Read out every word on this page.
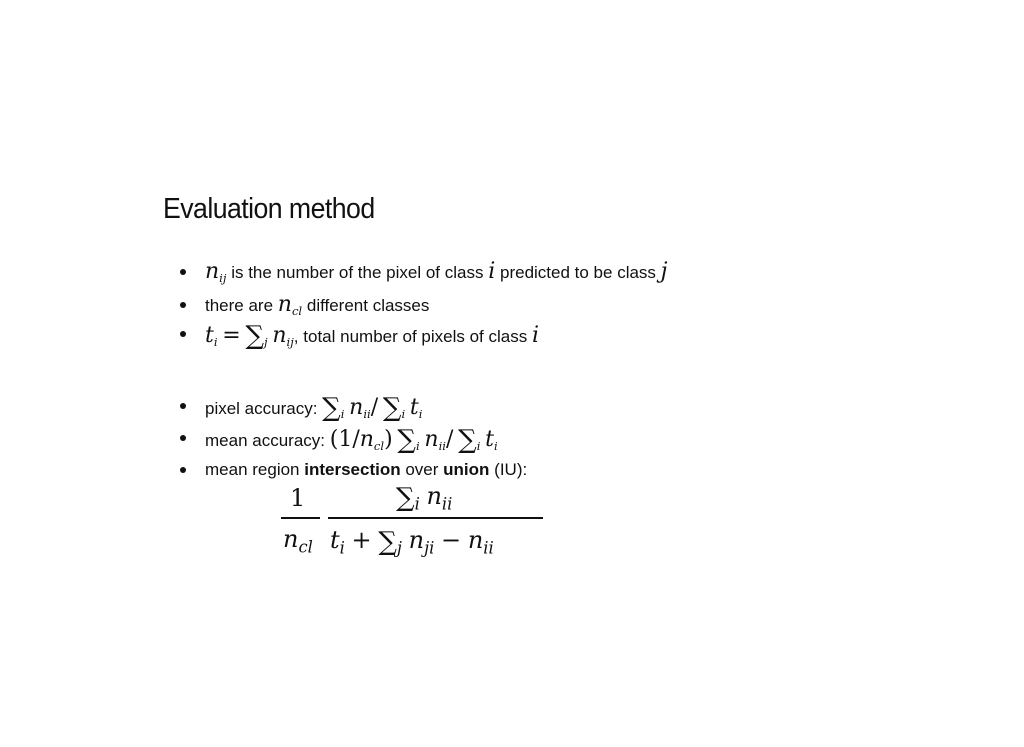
Evaluation method
$n_{ij}$ is the number of the pixel of class i predicted to be class j
there are $n_{cl}$ different classes
$t_i = \sum_j$ $n_{ij}$, total number of pixels of class i
pixel accuracy: $\sum_i$ $n_{ii}/$ $\sum_i$ $t_i$
mean accuracy: $(1/n_{cl})$ $\sum_i$ $n_{ii}/$ $\sum_i$ $t_i$
mean region intersection over union (IU):
1
$n_{cl}$
$\sum_i$ $n_{ii}$
$t_i + \sum_j$ $n_{ji} - n_{ii}$
